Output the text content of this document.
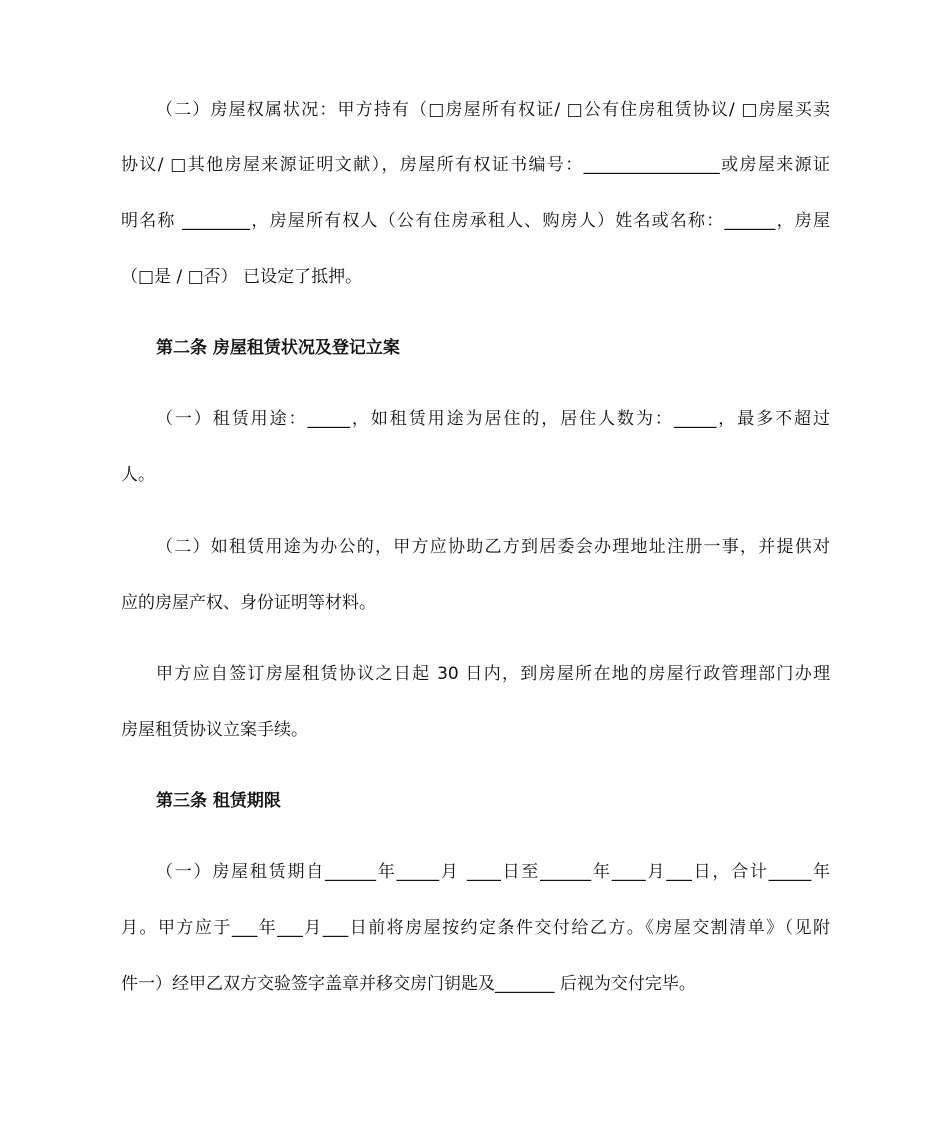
（二）房屋权属状况：甲方持有（□房屋所有权证/ □公有住房租赁协议/ □房屋买卖
协议/ □其他房屋来源证明文献），房屋所有权证书编号：________________或房屋来源证
明名称 ________，房屋所有权人（公有住房承租人、购房人）姓名或名称：______，房屋
（□是 / □否） 已设定了抵押。
第二条 房屋租赁状况及登记立案
（一）租赁用途：_____，如租赁用途为居住的，居住人数为：_____，最多不超过
人。
（二）如租赁用途为办公的，甲方应协助乙方到居委会办理地址注册一事，并提供对
应的房屋产权、身份证明等材料。
甲方应自签订房屋租赁协议之日起 30 日内，到房屋所在地的房屋行政管理部门办理
房屋租赁协议立案手续。
第三条 租赁期限
（一）房屋租赁期自______年_____月 ____日至______年____月___日，合计_____年
月。甲方应于___年___月___日前将房屋按约定条件交付给乙方。《房屋交割清单》（见附
件一）经甲乙双方交验签字盖章并移交房门钥匙及_______ 后视为交付完毕。
